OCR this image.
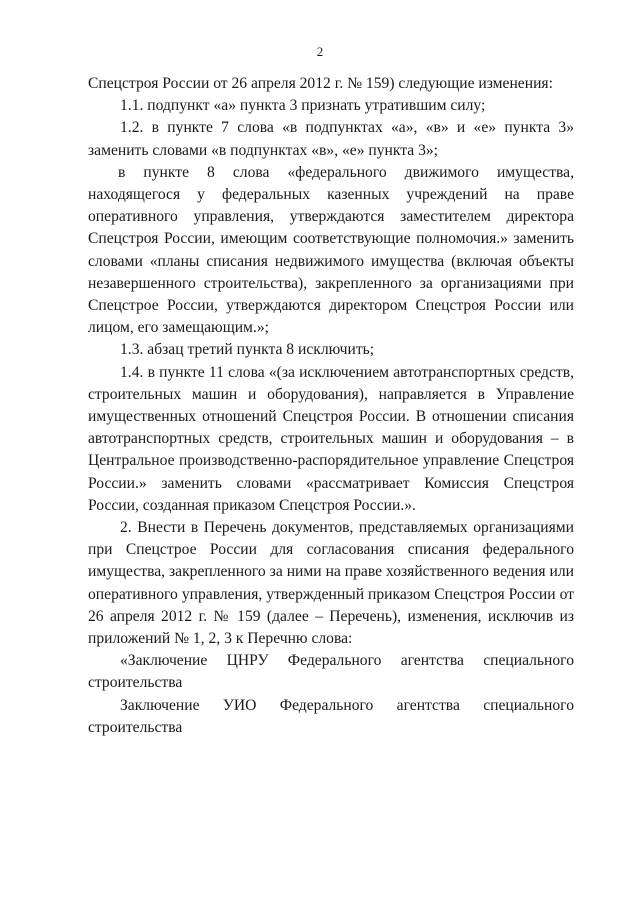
2

Спецстроя России от 26 апреля 2012 г. № 159) следующие изменения:

1.1. подпункт «а» пункта 3 признать утратившим силу;

1.2. в пункте 7 слова «в подпунктах «а», «в» и «е» пункта 3» заменить словами «в подпунктах «в», «е» пункта 3»;

в пункте 8 слова «федерального движимого имущества, находящегося у федеральных казенных учреждений на праве оперативного управления, утверждаются заместителем директора Спецстроя России, имеющим соответствующие полномочия.» заменить словами «планы списания недвижимого имущества (включая объекты незавершенного строительства), закрепленного за организациями при Спецстрое России, утверждаются директором Спецстроя России или лицом, его замещающим.»;

1.3. абзац третий пункта 8 исключить;

1.4. в пункте 11 слова «(за исключением автотранспортных средств, строительных машин и оборудования), направляется в Управление имущественных отношений Спецстроя России. В отношении списания автотранспортных средств, строительных машин и оборудования – в Центральное производственно-распорядительное управление Спецстроя России.» заменить словами «рассматривает Комиссия Спецстроя России, созданная приказом Спецстроя России.».

2. Внести в Перечень документов, представляемых организациями при Спецстрое России для согласования списания федерального имущества, закрепленного за ними на праве хозяйственного ведения или оперативного управления, утвержденный приказом Спецстроя России от 26 апреля 2012 г. № 159 (далее – Перечень), изменения, исключив из приложений № 1, 2, 3 к Перечню слова:

«Заключение ЦНРУ Федерального агентства специального строительства

Заключение УИО Федерального агентства специального строительства
